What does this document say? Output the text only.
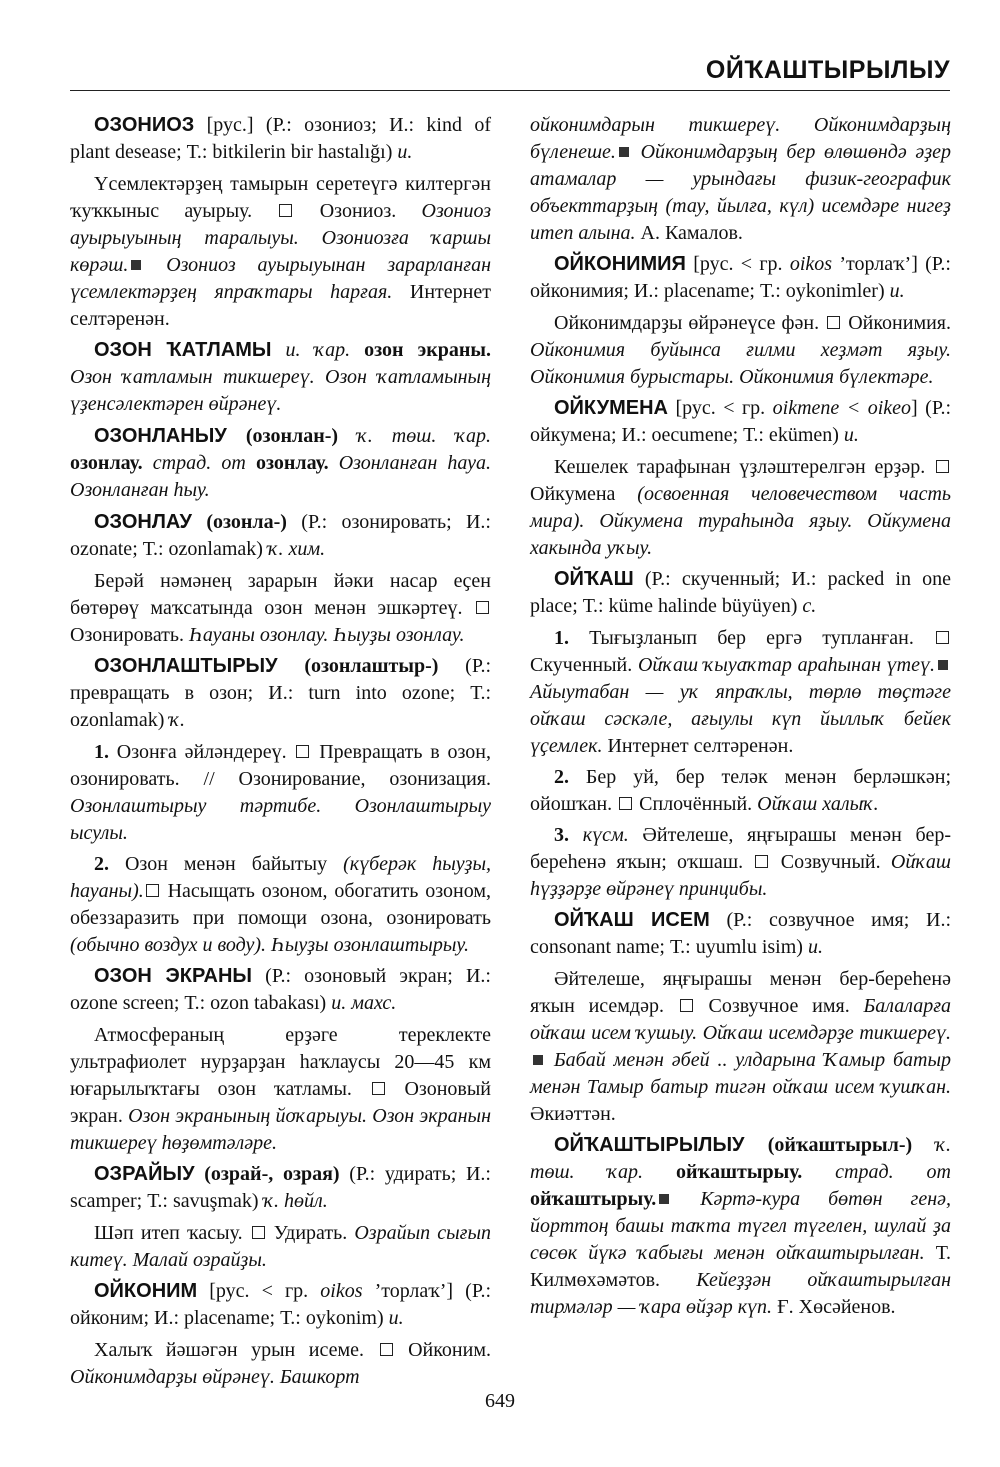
ОЙҠАШТЫРЫЛЫУ

ОЗОНИОЗ [рус.] (Р.: озониоз; И.: kind of plant desease; Т.: bitkilerin bir hastalığı) и.

Үсемлектәрҙең тамырын серетеүгә килтергән ҡуҡкыныс ауырыу.  Озониоз. Озониоз ауырыуының таралыуы. Озониозға ҡаршы көрәш. Озониоз ауырыуынан зарарланған үсемлектәрҙең япраҡтары һарғая. Интернет селтәренән.

ОЗОН ҠАТЛАМЫ и. ҡар. озон экраны. Озон ҡатламын тикшереү. Озон ҡатламының үҙенсәлектәрен өйрәнеү.

ОЗОНЛАНЫУ (озонлан-) ҡ. төш. ҡар. озонлау. страд. от озонлау. Озонланған һауа. Озонланған һыу.

ОЗОНЛАУ (озонла-) (Р.: озонировать; И.: ozonate; Т.: ozonlamak) ҡ. хим.

Берәй нәмәнең зарарын йәки насар еҫен бөтөрөү маҡсатында озон менән эшкәртеү.  Озонировать. Һауаны озонлау. Һыуҙы озонлау.

ОЗОНЛАШТЫРЫУ (озонлаштыр-) (Р.: превращать в озон; И.: turn into ozone; Т.: ozonlamak) ҡ.

1. Озонға әйләндереү.  Превращать в озон, озонировать. // Озонирование, озонизация. Озонлаштырыу тәртибе. Озонлаштырыу ысулы.

2. Озон менән байытыу (күберәк һыуҙы, һауаны). Насыщать озоном, обогатить озоном, обеззаразить при помощи озона, озонировать (обычно воздух и воду). Һыуҙы озонлаштырыу.

ОЗОН ЭКРАНЫ (Р.: озоновый экран; И.: ozone screen; Т.: ozon tabakası) и. махс.

Атмосфераның ерҙәге тереклекте ультрафиолет нурҙарҙан һаҡлаусы 20—45 км юғарылыҡтағы озон ҡатламы.  Озоновый экран. Озон экранының йоҡарыуы. Озон экранын тикшереү һөҙөмтәләре.

ОЗРАЙЫУ (озрай-, озрая) (Р.: удирать; И.: scamper; Т.: savuşmak) ҡ. һөйл.

Шәп итеп ҡасыу.  Удирать. Озрайып сығып китеү. Малай озрайҙы.

ОЙКОНИМ [рус. < гр. oikos ’торлаҡ’] (Р.: ойконим; И.: placename; Т.: oykonim) и.

Халыҡ йәшәгән урын исеме.  Ойконим. Ойконимдарҙы өйрәнеү. Башкорт

ойконимдарын тикшереү. Ойконимдарҙың бүленеше. Ойконимдарҙың бер өлөшөндә әҙер атамалар — урындағы физик-географик объекттарҙың (тау, йылға, күл) исемдәре нигеҙ итеп алына. А. Камалов.

ОЙКОНИМИЯ [рус. < гр. oikos ’торлаҡ’] (Р.: ойконимия; И.: placename; Т.: oykonimler) и.

Ойконимдарҙы өйрәнеүсе фән.  Ойконимия. Ойконимия буйынса ғилми хеҙмәт яҙыу. Ойконимия бурыстары. Ойконимия бүлектәре.

ОЙКУМЕНА [рус. < гр. oikmene < oikeo] (Р.: ойкумена; И.: oecumene; Т.: ekümen) и.

Кешелек тарафынан үҙләштерелгән ерҙәр.  Ойкумена (освоенная человечеством часть мира). Ойкумена тураһында яҙыу. Ойкумена хакында уҡыу.

ОЙҠАШ (Р.: скученный; И.: packed in one place; Т.: küme halinde büyüyen) с.

1. Тығыҙланып бер ергә тупланған.  Скученный. Ойҡаш ҡыуаҡтар араһынан үтеү. Айыутабан — уҡ япраҡлы, төрлө төҫтәге ойҡаш сәскәле, ағыулы күп йыллыҡ бейек үҫемлек. Интернет селтәренән.

2. Бер уй, бер теләк менән берләшкән; ойошҡан.  Сплочённый. Ойҡаш халыҡ.

3. күсм. Әйтелеше, яңғырашы менән бер-береһенә яҡын; оҡшаш.  Созвучный. Ойҡаш һүҙҙәрҙе өйрәнеү принцибы.

ОЙҠАШ ИСЕМ (Р.: созвучное имя; И.: consonant name; Т.: uyumlu isim) и.

Әйтелеше, яңғырашы менән бер-береһенә яҡын исемдәр.  Созвучное имя. Балаларға ойҡаш исем ҡушыу. Ойҡаш исемдәрҙе тикшереү. Бабай менән әбей .. улдарына Ҡамыр батыр менән Тамыр батыр тигән ойҡаш исем ҡушҡан. Әкиәттән.

ОЙҠАШТЫРЫЛЫУ (ойҡаштырыл-) ҡ. төш. ҡар. ойҡаштырыу. страд. от ойҡаштырыу. Кәртә-кура бөтөн генә, йорттоң башы таҡта түгел түгелен, шулай ҙа сөсөк йүкә ҡабығы менән ойҡаштырылған. Т. Килмөхәмәтов. Кейеҙҙән ойҡаштырылған тирмәләр — ҡара өйҙәр күп. Ғ. Хөсәйенов.

649
